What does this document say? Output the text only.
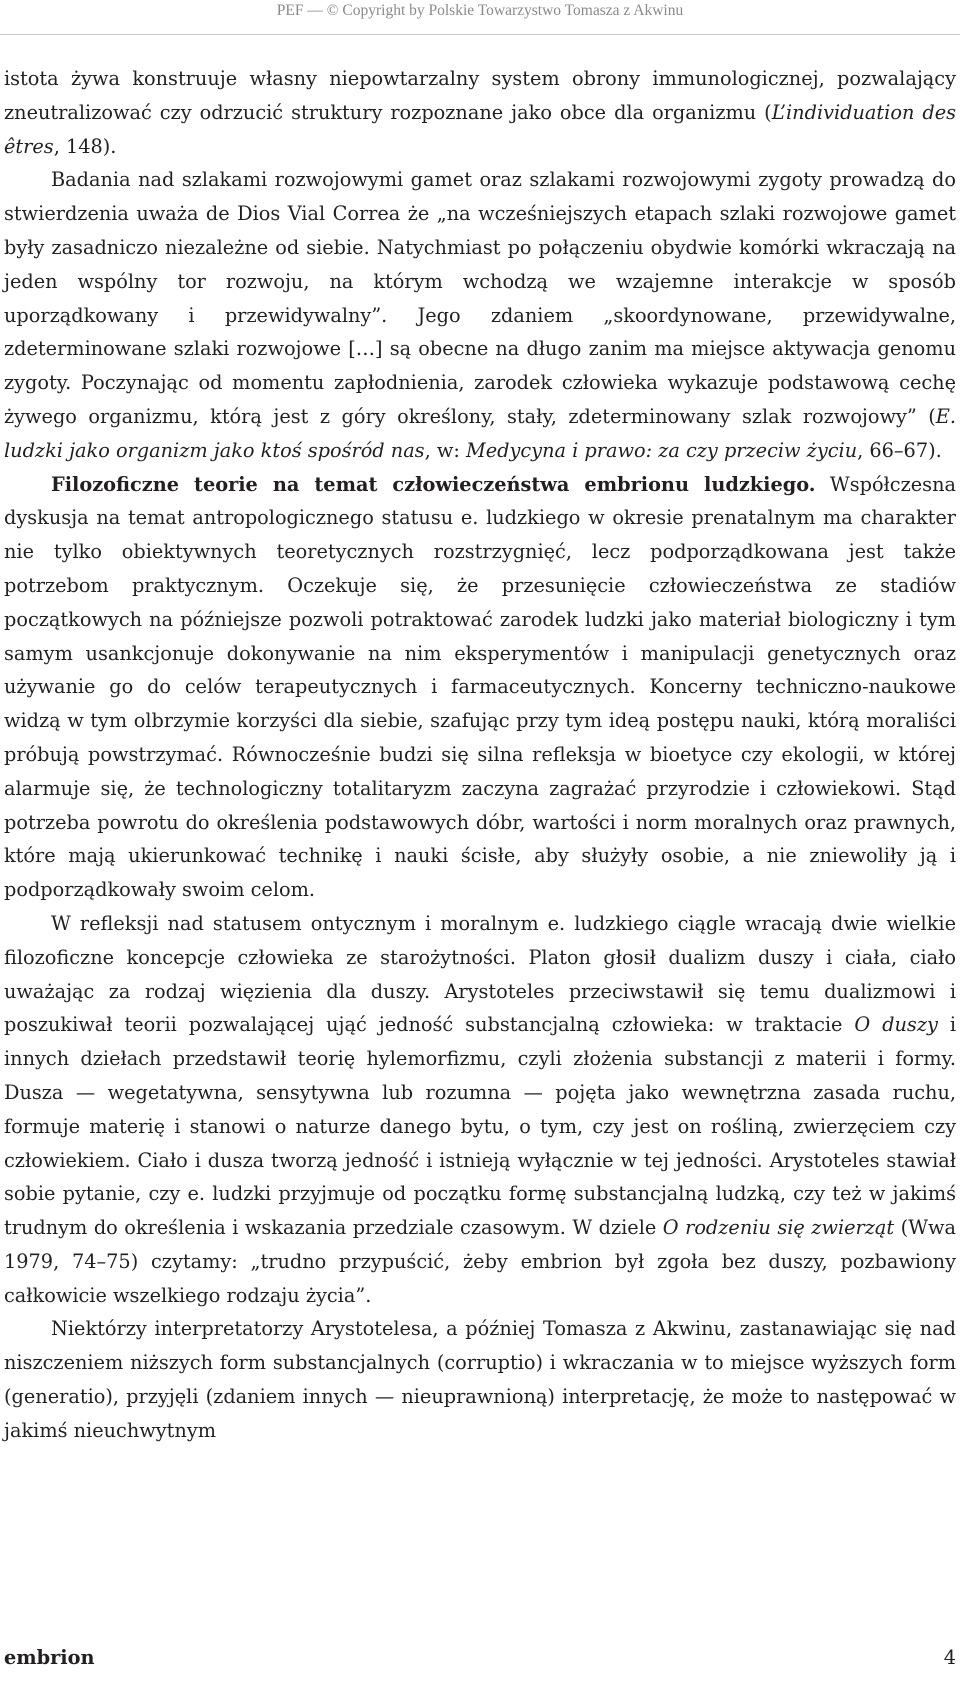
PEF — © Copyright by Polskie Towarzystwo Tomasza z Akwinu

istota żywa konstruuje własny niepowtarzalny system obrony immunologicznej, pozwalający zneutralizować czy odrzucić struktury rozpoznane jako obce dla organizmu (L’individuation des êtres, 148).

Badania nad szlakami rozwojowymi gamet oraz szlakami rozwojowymi zygoty prowadzą do stwierdzenia uważa de Dios Vial Correa że „na wcześniejszych etapach szlaki rozwojowe gamet były zasadniczo niezależne od siebie. Natychmiast po połączeniu obydwie komórki wkraczają na jeden wspólny tor rozwoju, na którym wchodzą we wzajemne interakcje w sposób uporządkowany i przewidywalny”. Jego zdaniem „skoordynowane, przewidywalne, zdeterminowane szlaki rozwojowe […] są obecne na długo zanim ma miejsce aktywacja genomu zygoty. Poczynając od momentu zapłodnienia, zarodek człowieka wykazuje podstawową cechę żywego organizmu, którą jest z góry określony, stały, zdeterminowany szlak rozwojowy” (E. ludzki jako organizm jako ktoś spośród nas, w: Medycyna i prawo: za czy przeciw życiu, 66–67).

Filozoficzne teorie na temat człowieczeństwa embrionu ludzkiego. Współczesna dyskusja na temat antropologicznego statusu e. ludzkiego w okresie prenatalnym ma charakter nie tylko obiektywnych teoretycznych rozstrzygnięć, lecz podporządkowana jest także potrzebom praktycznym. Oczekuje się, że przesunięcie człowieczeństwa ze stadiów początkowych na późniejsze pozwoli potraktować zarodek ludzki jako materiał biologiczny i tym samym usankcjonuje dokonywanie na nim eksperymentów i manipulacji genetycznych oraz używanie go do celów terapeutycznych i farmaceutycznych. Koncerny techniczno-naukowe widzą w tym olbrzymie korzyści dla siebie, szafując przy tym ideą postępu nauki, którą moraliści próbują powstrzymać. Równocześnie budzi się silna refleksja w bioetyce czy ekologii, w której alarmuje się, że technologiczny totalitaryzm zaczyna zagrażać przyrodzie i człowiekowi. Stąd potrzeba powrotu do określenia podstawowych dóbr, wartości i norm moralnych oraz prawnych, które mają ukierunkować technikę i nauki ścisłe, aby służyły osobie, a nie zniewoliły ją i podporządkowały swoim celom.

W refleksji nad statusem ontycznym i moralnym e. ludzkiego ciągle wracają dwie wielkie filozoficzne koncepcje człowieka ze starożytności. Platon głosił dualizm duszy i ciała, ciało uważając za rodzaj więzienia dla duszy. Arystoteles przeciwstawił się temu dualizmowi i poszukiwał teorii pozwalającej ująć jedność substancjalną człowieka: w traktacie O duszy i innych dziełach przedstawił teorię hylemorfizmu, czyli złożenia substancji z materii i formy. Dusza — wegetatywna, sensytywna lub rozumna — pojęta jako wewnętrzna zasada ruchu, formuje materię i stanowi o naturze danego bytu, o tym, czy jest on rośliną, zwierzęciem czy człowiekiem. Ciało i dusza tworzą jedność i istnieją wyłącznie w tej jedności. Arystoteles stawiał sobie pytanie, czy e. ludzki przyjmuje od początku formę substancjalną ludzką, czy też w jakimś trudnym do określenia i wskazania przedziale czasowym. W dziele O rodzeniu się zwierząt (Wwa 1979, 74–75) czytamy: „trudno przypuścić, żeby embrion był zgoła bez duszy, pozbawiony całkowicie wszelkiego rodzaju życia”.

Niektórzy interpretatorzy Arystotelesa, a później Tomasza z Akwinu, zastanawiając się nad niszczeniem niższych form substancjalnych (corruptio) i wkraczania w to miejsce wyższych form (generatio), przyjęli (zdaniem innych — nieuprawnioną) interpretację, że może to następować w jakimś nieuchwytnym

embrion	4
